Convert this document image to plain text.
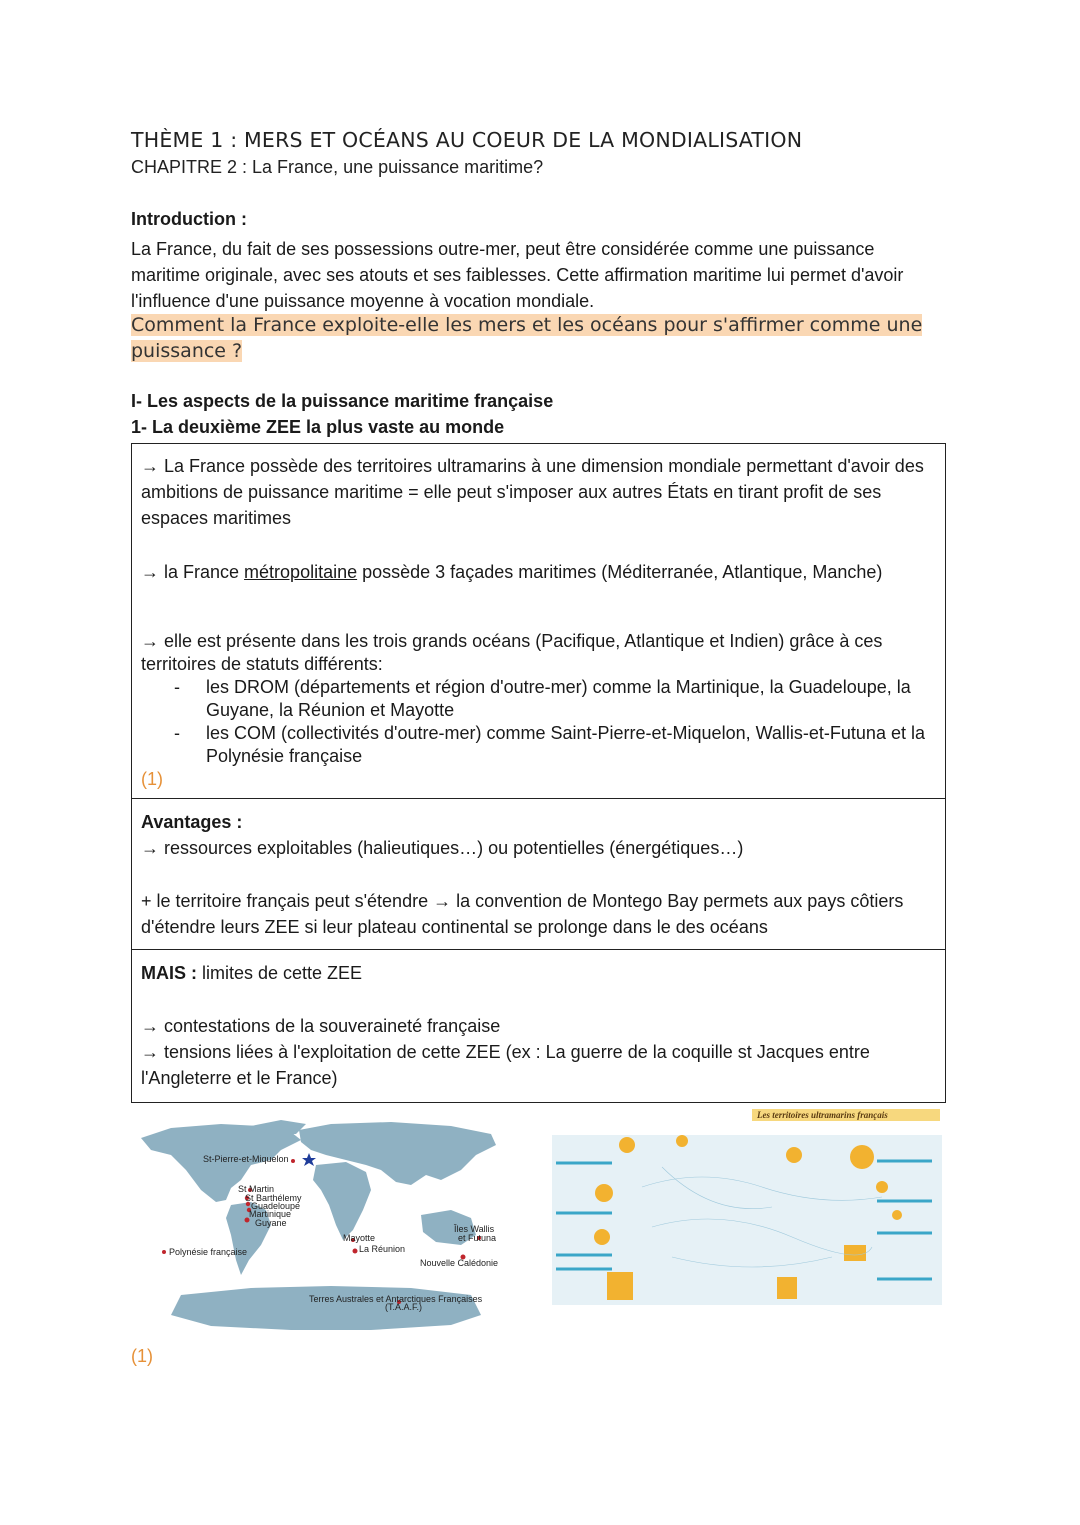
THÈME 1 : MERS ET OCÉANS AU COEUR DE LA MONDIALISATION
CHAPITRE 2 : La France, une puissance maritime?
Introduction :
La France, du fait de ses possessions outre-mer, peut être considérée comme une puissance maritime originale, avec ses atouts et ses faiblesses. Cette affirmation maritime lui permet d'avoir l'influence d'une puissance moyenne à vocation mondiale.
Comment la France exploite-elle les mers et les océans pour s'affirmer comme une puissance ?
I- Les aspects de la puissance maritime française
1- La deuxième ZEE la plus vaste au monde
→ La France possède des territoires ultramarins à une dimension mondiale permettant d'avoir des ambitions de puissance maritime = elle peut s'imposer aux autres États en tirant profit de ses espaces maritimes
→ la France métropolitaine possède 3 façades maritimes (Méditerranée, Atlantique, Manche)
→ elle est présente dans les trois grands océans (Pacifique, Atlantique et Indien) grâce à ces territoires de statuts différents:
- les DROM (départements et région d'outre-mer) comme la Martinique, la Guadeloupe, la Guyane, la Réunion et Mayotte
- les COM (collectivités d'outre-mer) comme Saint-Pierre-et-Miquelon, Wallis-et-Futuna et la Polynésie française
(1)
Avantages :
→ ressources exploitables (halieutiques…) ou potentielles (énergétiques…)
+ le territoire français peut s'étendre → la convention de Montego Bay permets aux pays côtiers d'étendre leurs ZEE si leur plateau continental se prolonge dans le des océans
MAIS : limites de cette ZEE
→ contestations de la souveraineté française
→ tensions liées à l'exploitation de cette ZEE (ex : La guerre de la coquille st Jacques entre l'Angleterre et le France)
St-Pierre-et-Miquelon
St Martin
St Barthélemy
Guadeloupe
Martinique
Guyane
Polynésie française
Mayotte
La Réunion
Îles Wallis
et Futuna
Nouvelle Calédonie
Terres Australes et Antarctiques Françaises
(T.A.A.F.)
Les territoires ultramarins français
(1)
